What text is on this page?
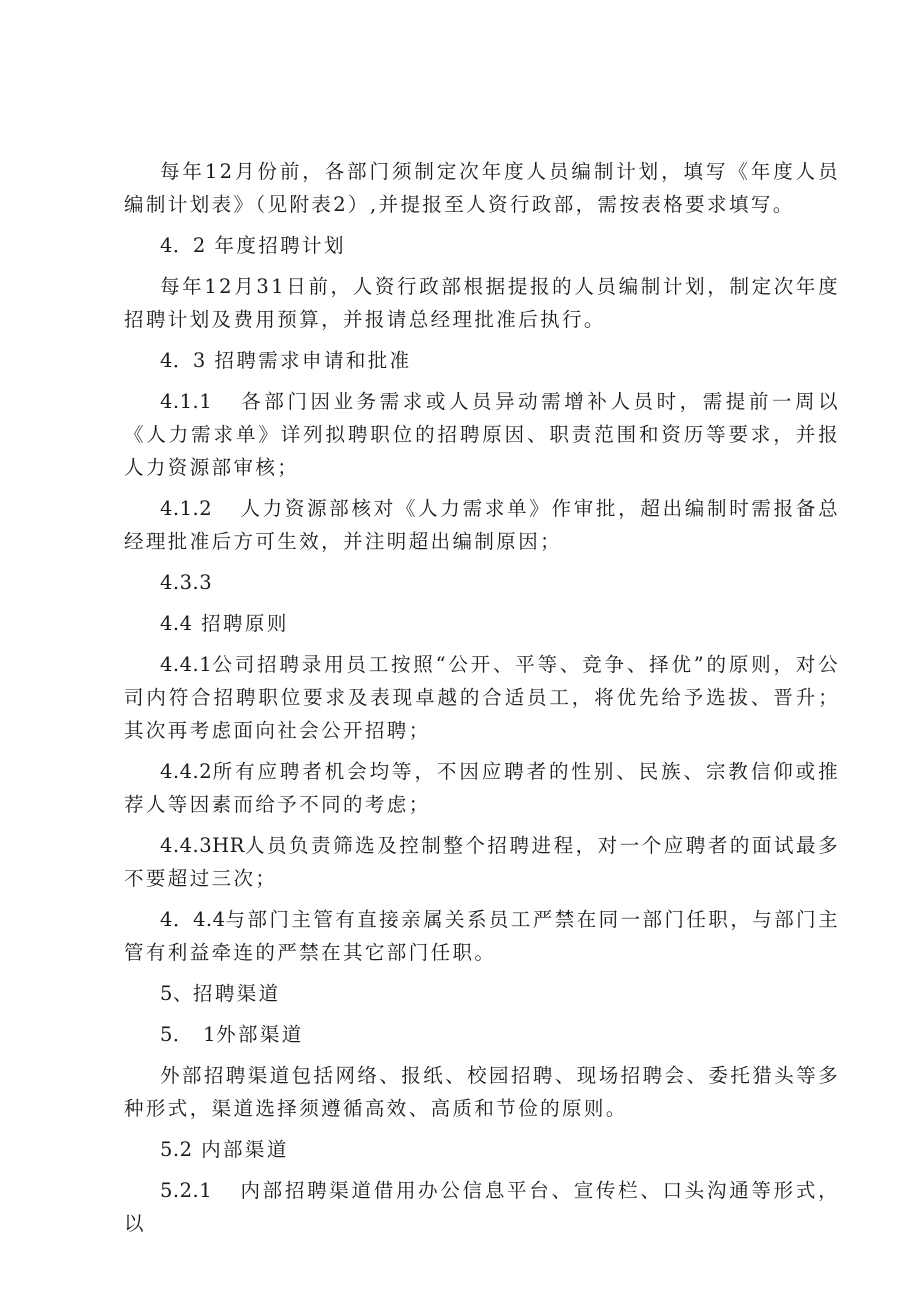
每年12月份前，各部门须制定次年度人员编制计划，填写《年度人员编制计划表》（见附表2）,并提报至人资行政部，需按表格要求填写。

4．2 年度招聘计划

每年12月31日前，人资行政部根据提报的人员编制计划，制定次年度招聘计划及费用预算，并报请总经理批准后执行。

4．3 招聘需求申请和批准

4.1.1 各部门因业务需求或人员异动需增补人员时，需提前一周以《人力需求单》详列拟聘职位的招聘原因、职责范围和资历等要求，并报人力资源部审核；

4.1.2 人力资源部核对《人力需求单》作审批，超出编制时需报备总经理批准后方可生效，并注明超出编制原因；

4.3.3

4.4 招聘原则

4.4.1公司招聘录用员工按照“公开、平等、竞争、择优”的原则，对公司内符合招聘职位要求及表现卓越的合适员工，将优先给予选拔、晋升；其次再考虑面向社会公开招聘；

4.4.2所有应聘者机会均等，不因应聘者的性别、民族、宗教信仰或推荐人等因素而给予不同的考虑；

4.4.3HR人员负责筛选及控制整个招聘进程，对一个应聘者的面试最多不要超过三次；

4．4.4与部门主管有直接亲属关系员工严禁在同一部门任职，与部门主管有利益牵连的严禁在其它部门任职。

5、招聘渠道

5．　1外部渠道

外部招聘渠道包括网络、报纸、校园招聘、现场招聘会、委托猎头等多种形式，渠道选择须遵循高效、高质和节俭的原则。

5.2 内部渠道

5.2.1 内部招聘渠道借用办公信息平台、宣传栏、口头沟通等形式，以
